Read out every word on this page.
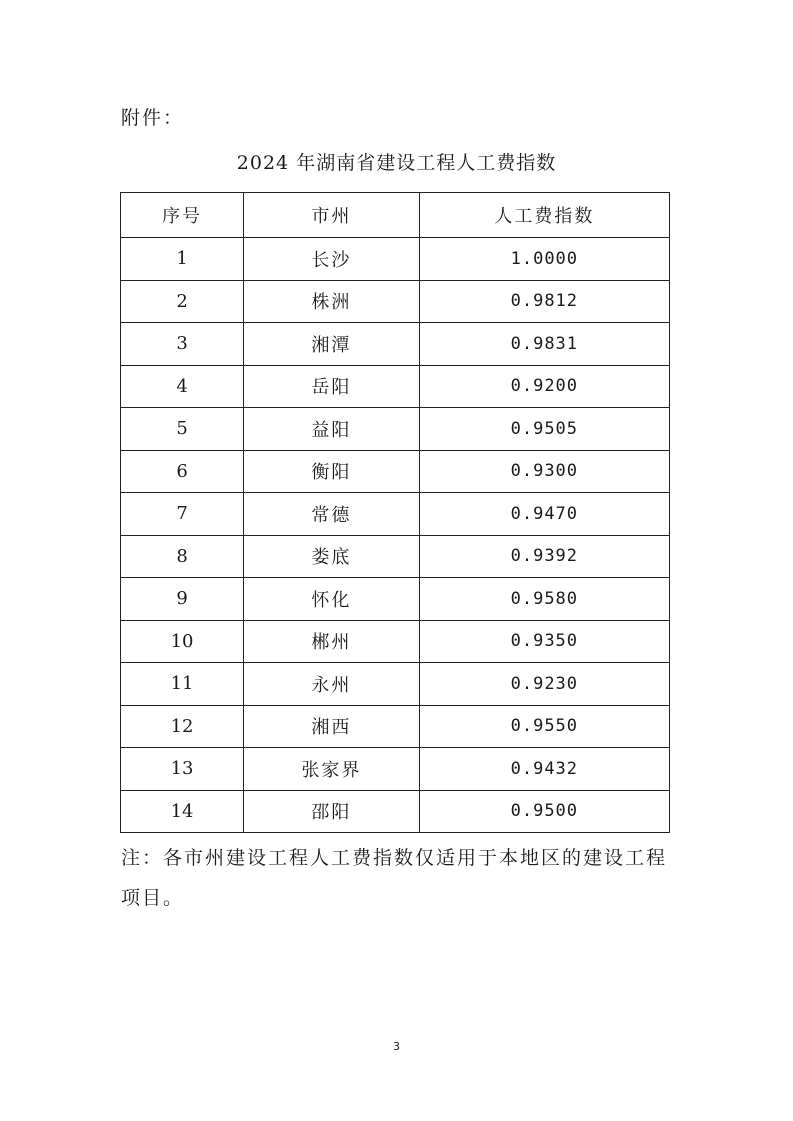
附件：
2024 年湖南省建设工程人工费指数
序号	市州	人工费指数
1	长沙	1.0000
2	株洲	0.9812
3	湘潭	0.9831
4	岳阳	0.9200
5	益阳	0.9505
6	衡阳	0.9300
7	常德	0.9470
8	娄底	0.9392
9	怀化	0.9580
10	郴州	0.9350
11	永州	0.9230
12	湘西	0.9550
13	张家界	0.9432
14	邵阳	0.9500
注：各市州建设工程人工费指数仅适用于本地区的建设工程项目。
3
